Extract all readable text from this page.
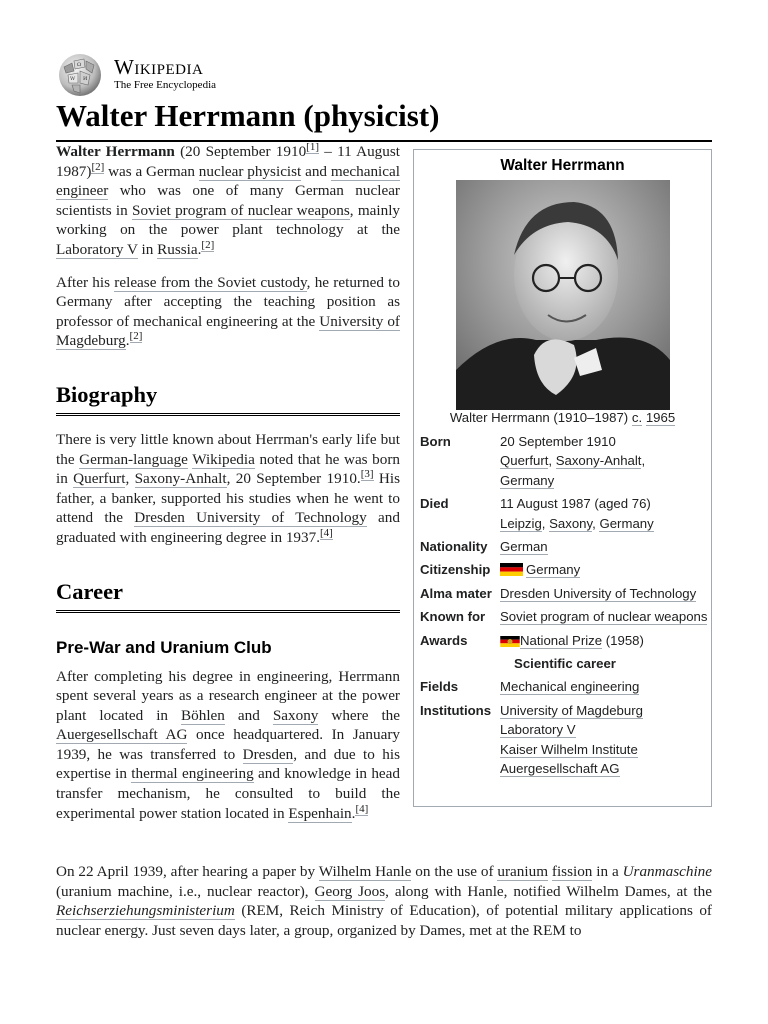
Ω
W И Wikipedia
The Free Encyclopedia
Walter Herrmann (physicist)

Walter Herrmann (20 September 1910[1] – 11 August 1987)[2] was a German nuclear physicist and mechanical engineer who was one of many German nuclear scientists in Soviet program of nuclear weapons, mainly working on the power plant technology at the Laboratory V in Russia.[2]

After his release from the Soviet custody, he returned to Germany after accepting the teaching position as professor of mechanical engineering at the University of Magdeburg.[2]

Biography

There is very little known about Herrman's early life but the German-language Wikipedia noted that he was born in Querfurt, Saxony-Anhalt, 20 September 1910.[3] His father, a banker, supported his studies when he went to attend the Dresden University of Technology and graduated with engineering degree in 1937.[4]

Career
Pre-War and Uranium Club

After completing his degree in engineering, Herrmann spent several years as a research engineer at the power plant located in Böhlen and Saxony where the Auergesellschaft AG once headquartered. In January 1939, he was transferred to Dresden, and due to his expertise in thermal engineering and knowledge in head transfer mechanism, he consulted to build the experimental power station located in Espenhain.[4]

On 22 April 1939, after hearing a paper by Wilhelm Hanle on the use of uranium fission in a Uranmaschine (uranium machine, i.e., nuclear reactor), Georg Joos, along with Hanle, notified Wilhelm Dames, at the Reichserziehungsministerium (REM, Reich Ministry of Education), of potential military applications of nuclear energy. Just seven days later, a group, organized by Dames, met at the REM to

Walter Herrmann
Walter Herrmann (1910–1987) c. 1965
Born	20 September 1910
Querfurt, Saxony-Anhalt,
Germany
Died	11 August 1987 (aged 76)
Leipzig, Saxony, Germany
Nationality German
Citizenship	Germany
Alma mater Dresden University of Technology
Known for	Soviet program of nuclear weapons
Awards	National Prize (1958)
Scientific career
Fields	Mechanical engineering
Institutions University of Magdeburg
Laboratory V
Kaiser Wilhelm Institute
Auergesellschaft AG
